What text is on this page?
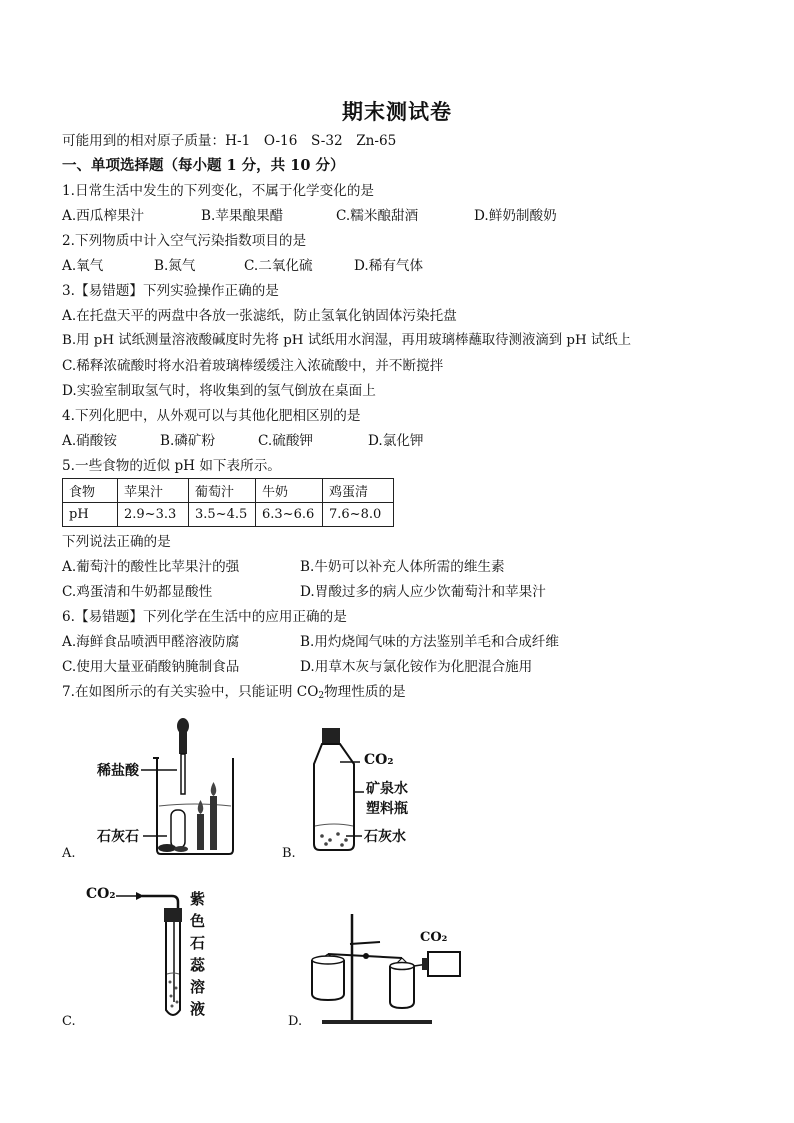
期末测试卷
可能用到的相对原子质量：H-1　O-16　S-32　Zn-65
一、单项选择题（每小题 1 分，共 10 分）
1.日常生活中发生的下列变化，不属于化学变化的是
A.西瓜榨果汁	B.苹果酿果醋	C.糯米酿甜酒	D.鲜奶制酸奶
2.下列物质中计入空气污染指数项目的是
A.氧气	B.氮气	C.二氧化硫	D.稀有气体
3.【易错题】下列实验操作正确的是
A.在托盘天平的两盘中各放一张滤纸，防止氢氧化钠固体污染托盘
B.用 pH 试纸测量溶液酸碱度时先将 pH 试纸用水润湿，再用玻璃棒蘸取待测液滴到 pH 试纸上
C.稀释浓硫酸时将水沿着玻璃棒缓缓注入浓硫酸中，并不断搅拌
D.实验室制取氢气时，将收集到的氢气倒放在桌面上
4.下列化肥中，从外观可以与其他化肥相区别的是
A.硝酸铵	B.磷矿粉	C.硫酸钾	D.氯化钾
5.一些食物的近似 pH 如下表所示。
食物	苹果汁	葡萄汁	牛奶	鸡蛋清
pH	2.9~3.3	3.5~4.5	6.3~6.6	7.6~8.0
下列说法正确的是
A.葡萄汁的酸性比苹果汁的强	B.牛奶可以补充人体所需的维生素
C.鸡蛋清和牛奶都显酸性	D.胃酸过多的病人应少饮葡萄汁和苹果汁
6.【易错题】下列化学在生活中的应用正确的是
A.海鲜食品喷洒甲醛溶液防腐	B.用灼烧闻气味的方法鉴别羊毛和合成纤维
C.使用大量亚硝酸钠腌制食品	D.用草木灰与氯化铵作为化肥混合施用
7.在如图所示的有关实验中，只能证明 $CO_2$物理性质的是
稀盐酸
石灰石
A.
CO₂
矿泉水
塑料瓶
石灰水
B.
CO₂	紫
色
石
蕊
溶
液
C.
CO₂
D.
